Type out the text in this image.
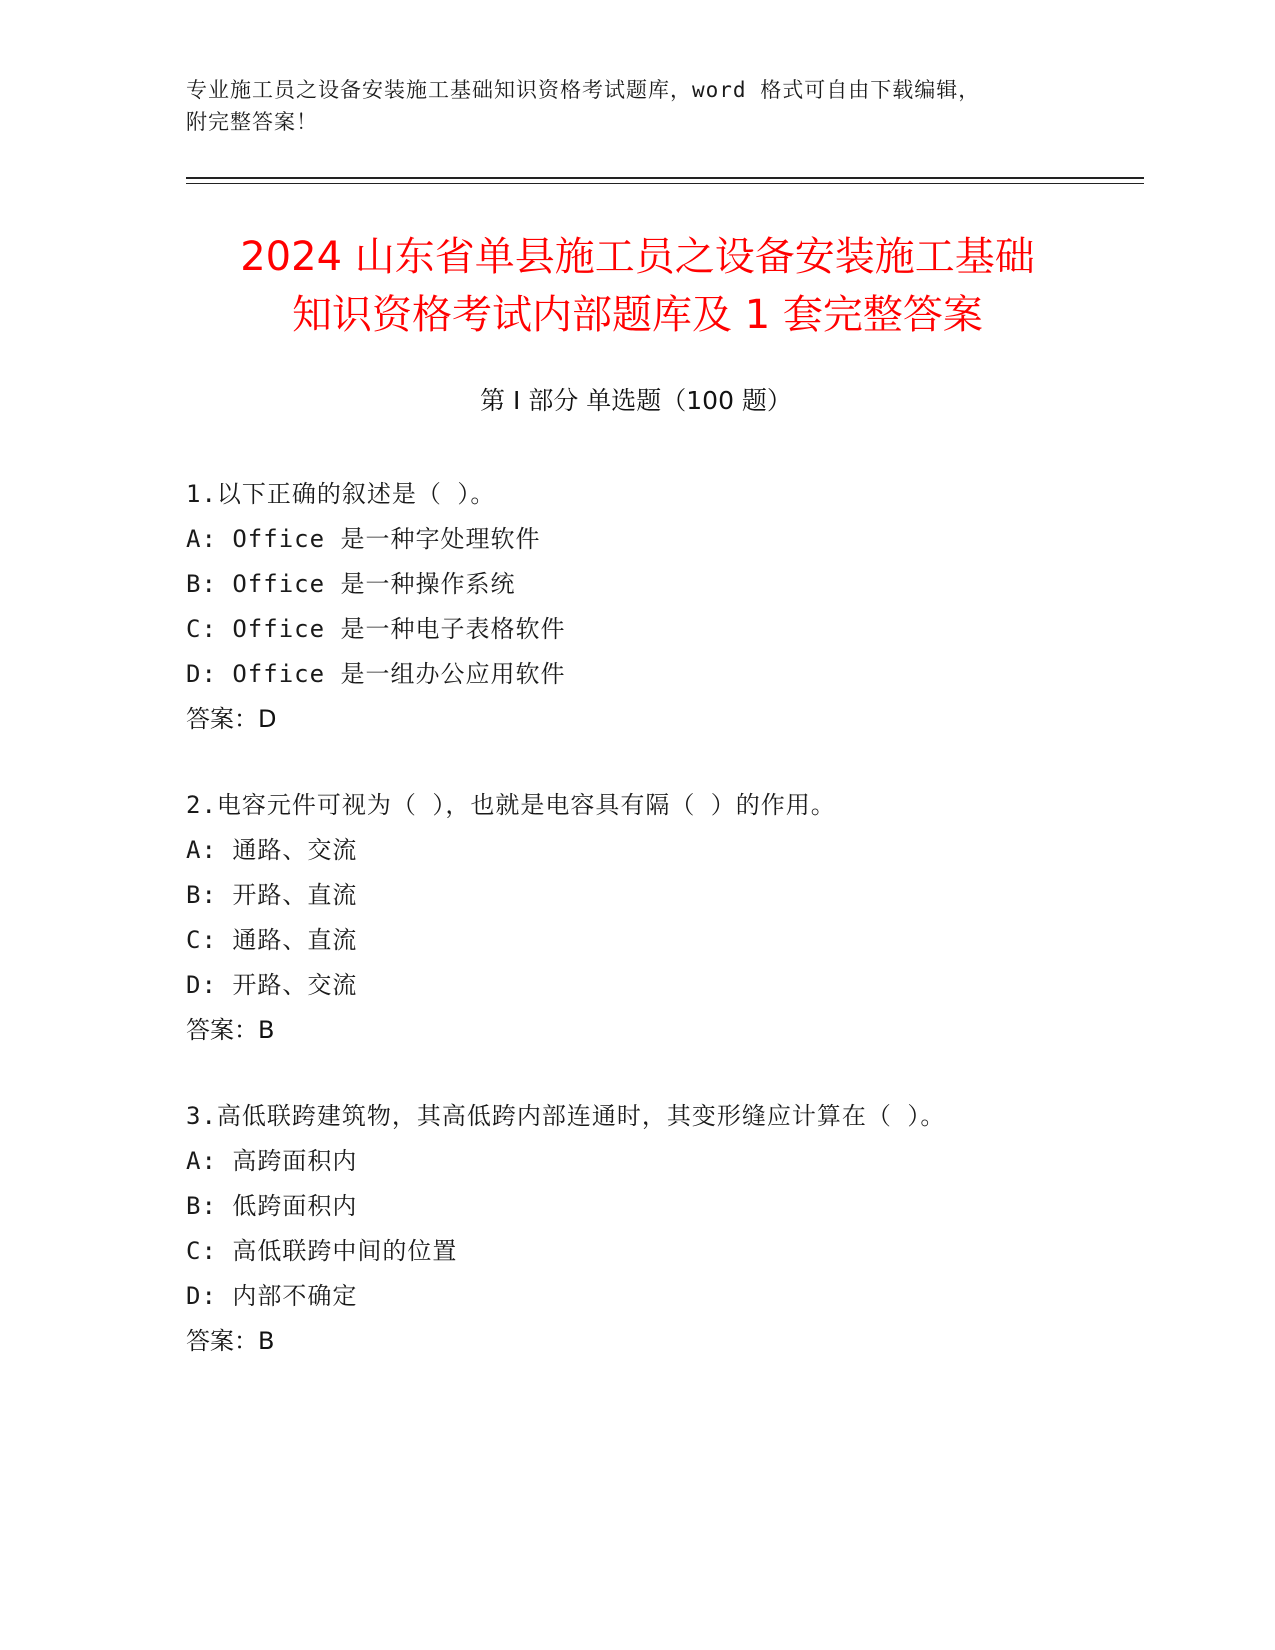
专业施工员之设备安装施工基础知识资格考试题库，word 格式可自由下载编辑，
附完整答案！
2024 山东省单县施工员之设备安装施工基础
知识资格考试内部题库及 1 套完整答案
第 I 部分 单选题（100 题）
1.以下正确的叙述是（ ）。
A: Office 是一种字处理软件
B: Office 是一种操作系统
C: Office 是一种电子表格软件
D: Office 是一组办公应用软件
答案：D
2.电容元件可视为（ ），也就是电容具有隔（ ）的作用。
A: 通路、交流
B: 开路、直流
C: 通路、直流
D: 开路、交流
答案：B
3.高低联跨建筑物，其高低跨内部连通时，其变形缝应计算在（ ）。
A: 高跨面积内
B: 低跨面积内
C: 高低联跨中间的位置
D: 内部不确定
答案：B
